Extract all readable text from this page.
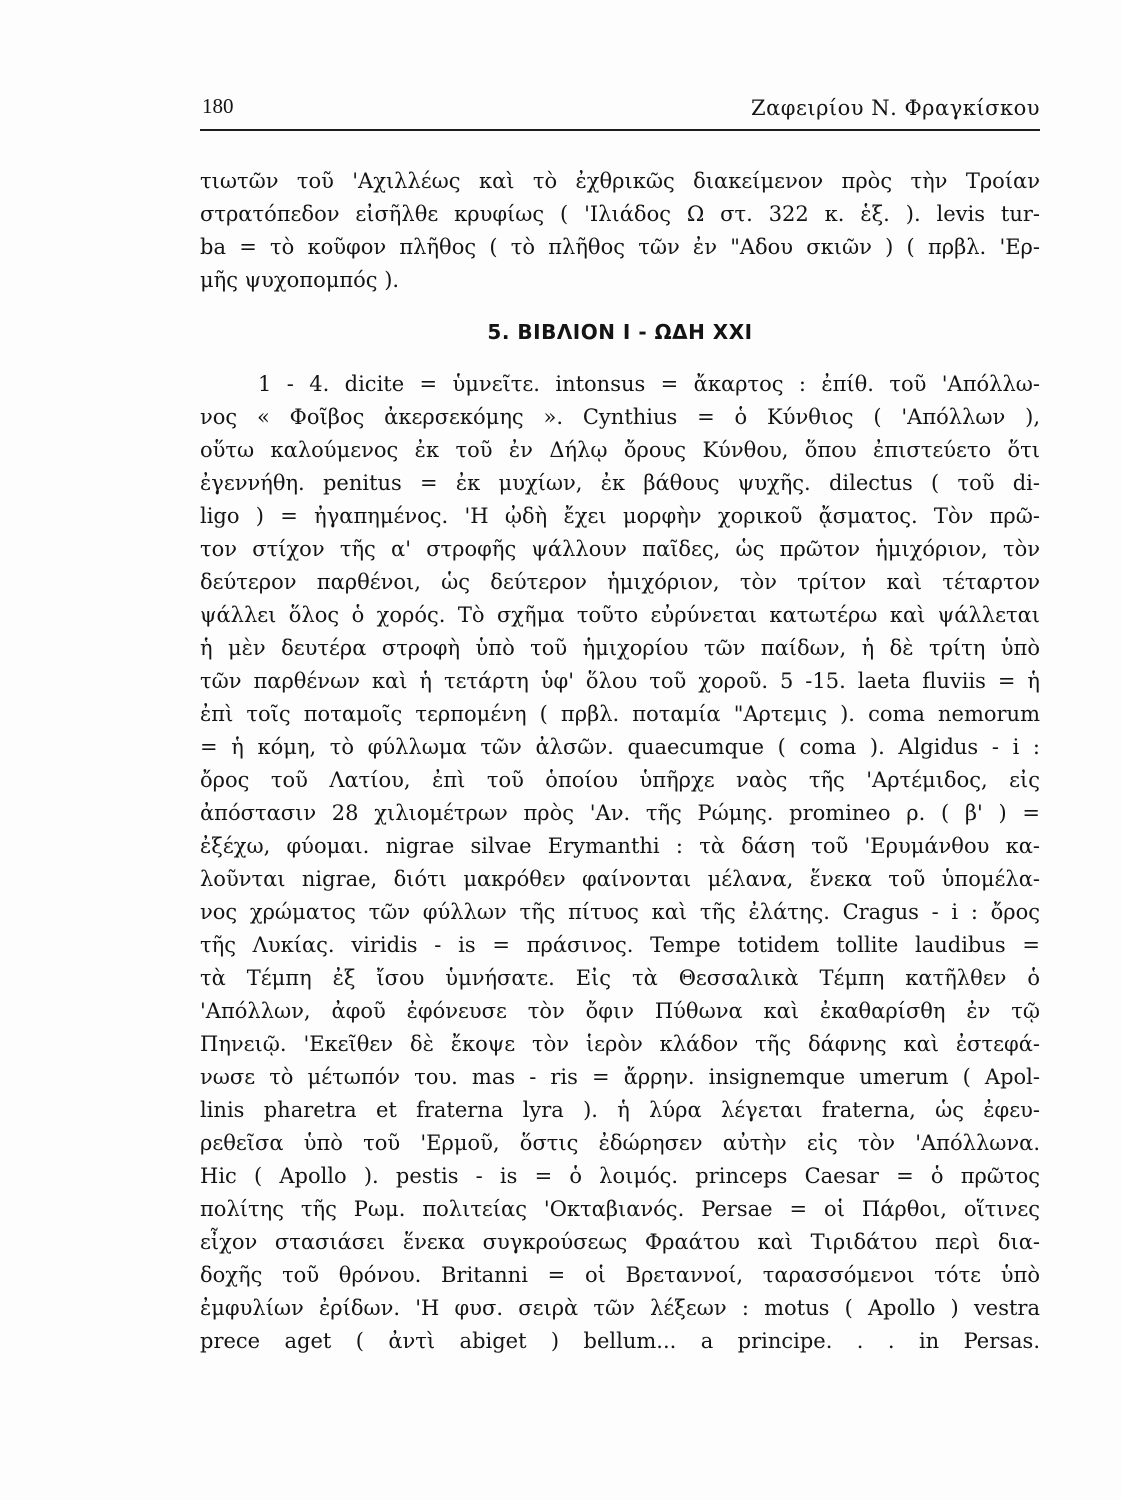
180	Ζαφειρίου Ν. Φραγκίσκου
τιωτῶν τοῦ 'Αχιλλέως καὶ τὸ ἐχθρικῶς διακείμενον πρὸς τὴν Τροίαν
στρατόπεδον εἰσῆλθε κρυφίως ( 'Ιλιάδος Ω στ. 322 κ. ἑξ. ). levis tur-
ba = τὸ κοῦφον πλῆθος ( τὸ πλῆθος τῶν ἐν "Αδου σκιῶν ) ( πρβλ. 'Ερ-
μῆς ψυχοπομπός ).
5. ΒΙΒΛΙΟΝ Ι - ΩΔΗ XXI
1 - 4. dicite = ὑμνεῖτε. intonsus = ἄκαρτος : ἐπίθ. τοῦ 'Απόλλω-
νος « Φοῖβος ἀκερσεκόμης ». Cynthius = ὁ Κύνθιος ( 'Απόλλων ),
οὕτω καλούμενος ἐκ τοῦ ἐν Δήλῳ ὄρους Κύνθου, ὅπου ἐπιστεύετο ὅτι
ἐγεννήθη. penitus = ἐκ μυχίων, ἐκ βάθους ψυχῆς. dilectus ( τοῦ di-
ligo ) = ἠγαπημένος. 'Η ᾠδὴ ἔχει μορφὴν χορικοῦ ᾄσματος. Τὸν πρῶ-
τον στίχον τῆς α' στροφῆς ψάλλουν παῖδες, ὡς πρῶτον ἡμιχόριον, τὸν
δεύτερον παρθένοι, ὡς δεύτερον ἡμιχόριον, τὸν τρίτον καὶ τέταρτον
ψάλλει ὅλος ὁ χορός. Τὸ σχῆμα τοῦτο εὐρύνεται κατωτέρω καὶ ψάλλεται
ἡ μὲν δευτέρα στροφὴ ὑπὸ τοῦ ἡμιχορίου τῶν παίδων, ἡ δὲ τρίτη ὑπὸ
τῶν παρθένων καὶ ἡ τετάρτη ὑφ' ὅλου τοῦ χοροῦ. 5 -15. laeta fluviis = ἡ
ἐπὶ τοῖς ποταμοῖς τερπομένη ( πρβλ. ποταμία "Αρτεμις ). coma nemorum
= ἡ κόμη, τὸ φύλλωμα τῶν ἀλσῶν. quaecumque ( coma ). Algidus - i :
ὄρος τοῦ Λατίου, ἐπὶ τοῦ ὁποίου ὑπῆρχε ναὸς τῆς 'Αρτέμιδος, εἰς
ἀπόστασιν 28 χιλιομέτρων πρὸς 'Αν. τῆς Ρώμης. promineo ρ. ( β' ) =
ἐξέχω, φύομαι. nigrae silvae Erymanthi : τὰ δάση τοῦ 'Ερυμάνθου κα-
λοῦνται nigrae, διότι μακρόθεν φαίνονται μέλανα, ἕνεκα τοῦ ὑπομέλα-
νος χρώματος τῶν φύλλων τῆς πίτυος καὶ τῆς ἐλάτης. Cragus - i : ὄρος
τῆς Λυκίας. viridis - is = πράσινος. Tempe totidem tollite laudibus =
τὰ Τέμπη ἐξ ἴσου ὑμνήσατε. Εἰς τὰ Θεσσαλικὰ Τέμπη κατῆλθεν ὁ
'Απόλλων, ἀφοῦ ἐφόνευσε τὸν ὄφιν Πύθωνα καὶ ἐκαθαρίσθη ἐν τῷ
Πηνειῷ. 'Εκεῖθεν δὲ ἔκοψε τὸν ἱερὸν κλάδον τῆς δάφνης καὶ ἐστεφά-
νωσε τὸ μέτωπόν του. mas - ris = ἄρρην. insignemque umerum ( Apol-
linis pharetra et fraterna lyra ). ἡ λύρα λέγεται fraterna, ὡς ἐφευ-
ρεθεῖσα ὑπὸ τοῦ 'Ερμοῦ, ὅστις ἐδώρησεν αὐτὴν εἰς τὸν 'Απόλλωνα.
Hic ( Apollo ). pestis - is = ὁ λοιμός. princeps Caesar = ὁ πρῶτος
πολίτης τῆς Ρωμ. πολιτείας 'Οκταβιανός. Persae = οἱ Πάρθοι, οἵτινες
εἶχον στασιάσει ἕνεκα συγκρούσεως Φραάτου καὶ Τιριδάτου περὶ δια-
δοχῆς τοῦ θρόνου. Britanni = οἱ Βρεταννοί, ταρασσόμενοι τότε ὑπὸ
ἐμφυλίων ἐρίδων. 'Η φυσ. σειρὰ τῶν λέξεων : motus ( Apollo ) vestra
prece aget ( ἀντὶ abiget ) bellum... a principe. . . in Persas.
